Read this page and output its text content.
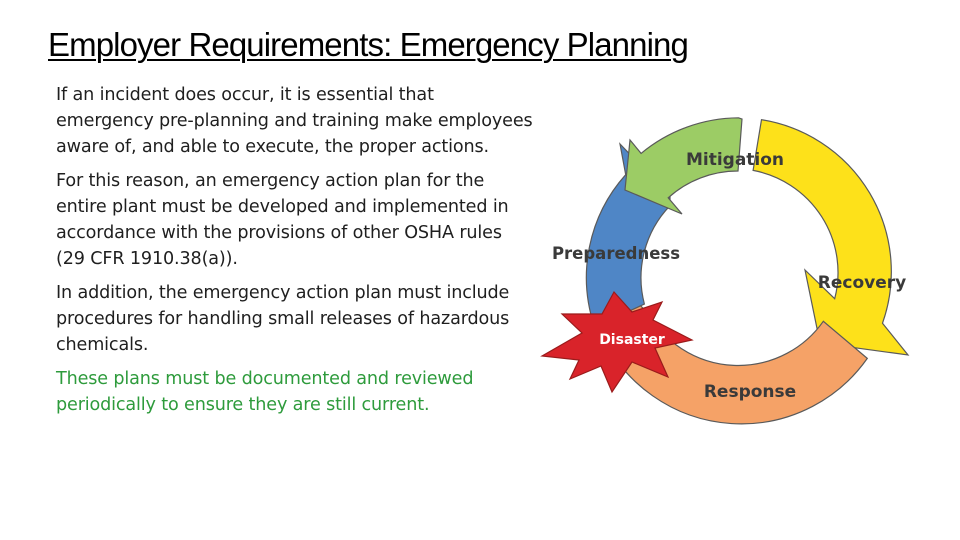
Employer Requirements: Emergency Planning

If an incident does occur, it is essential that emergency pre-planning and training make employees aware of, and able to execute, the proper actions.

For this reason, an emergency action plan for the entire plant must be developed and implemented in accordance with the provisions of other OSHA rules (29 CFR 1910.38(a)).

In addition, the emergency action plan must include procedures for handling small releases of hazardous chemicals.

These plans must be documented and reviewed periodically to ensure they are still current.

Mitigation
Recovery
Response
Preparedness
Disaster
